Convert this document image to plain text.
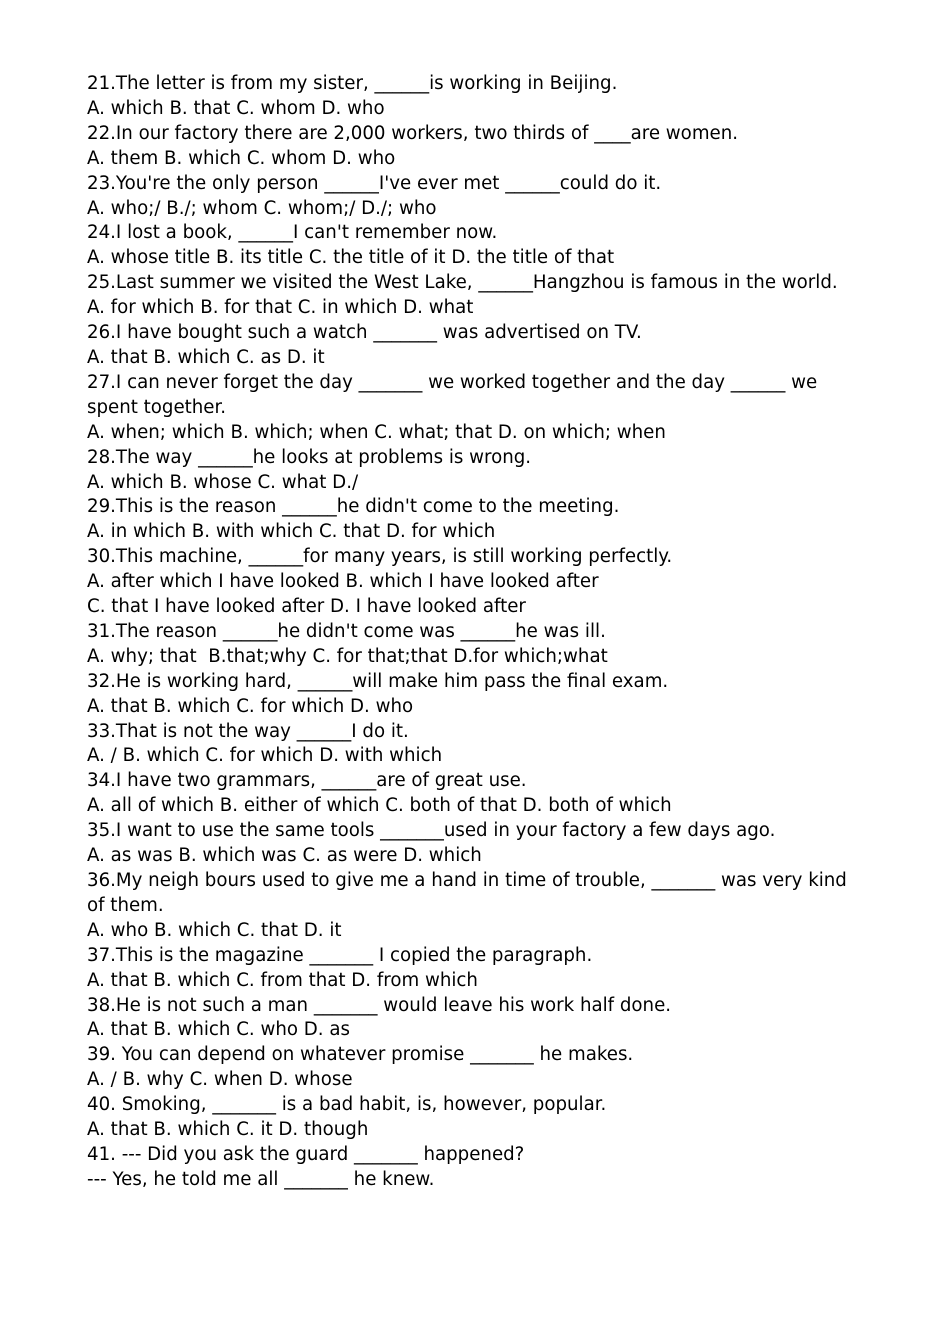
21.The letter is from my sister, ______is working in Beijing.

A. which B. that C. whom D. who

22.In our factory there are 2,000 workers, two thirds of ____are women.

A. them B. which C. whom D. who

23.You're the only person ______I've ever met ______could do it.

A. who;/ B./; whom C. whom;/ D./; who

24.I lost a book, ______I can't remember now.

A. whose title B. its title C. the title of it D. the title of that

25.Last summer we visited the West Lake, ______Hangzhou is famous in the world.

A. for which B. for that C. in which D. what

26.I have bought such a watch _______ was advertised on TV.

A. that B. which C. as D. it

27.I can never forget the day _______ we worked together and the day ______ we spent together.

A. when; which B. which; when C. what; that D. on which; when

28.The way ______he looks at problems is wrong.

A. which B. whose C. what D./

29.This is the reason ______he didn't come to the meeting.

A. in which B. with which C. that D. for which

30.This machine, ______for many years, is still working perfectly.

A. after which I have looked B. which I have looked after

C. that I have looked after D. I have looked after

31.The reason ______he didn't come was ______he was ill.

A. why; that  B.that;why C. for that;that D.for which;what

32.He is working hard, ______will make him pass the final exam.

A. that B. which C. for which D. who

33.That is not the way ______I do it.

A. / B. which C. for which D. with which

34.I have two grammars, ______are of great use.

A. all of which B. either of which C. both of that D. both of which

35.I want to use the same tools _______used in your factory a few days ago.

A. as was B. which was C. as were D. which

36.My neigh bours used to give me a hand in time of trouble, _______ was very kind of them.

A. who B. which C. that D. it

37.This is the magazine _______ I copied the paragraph.

A. that B. which C. from that D. from which

38.He is not such a man _______ would leave his work half done.

A. that B. which C. who D. as

39. You can depend on whatever promise _______ he makes.

A. / B. why C. when D. whose

40. Smoking, _______ is a bad habit, is, however, popular.

A. that B. which C. it D. though

41. --- Did you ask the guard _______ happened?

--- Yes, he told me all _______ he knew.
